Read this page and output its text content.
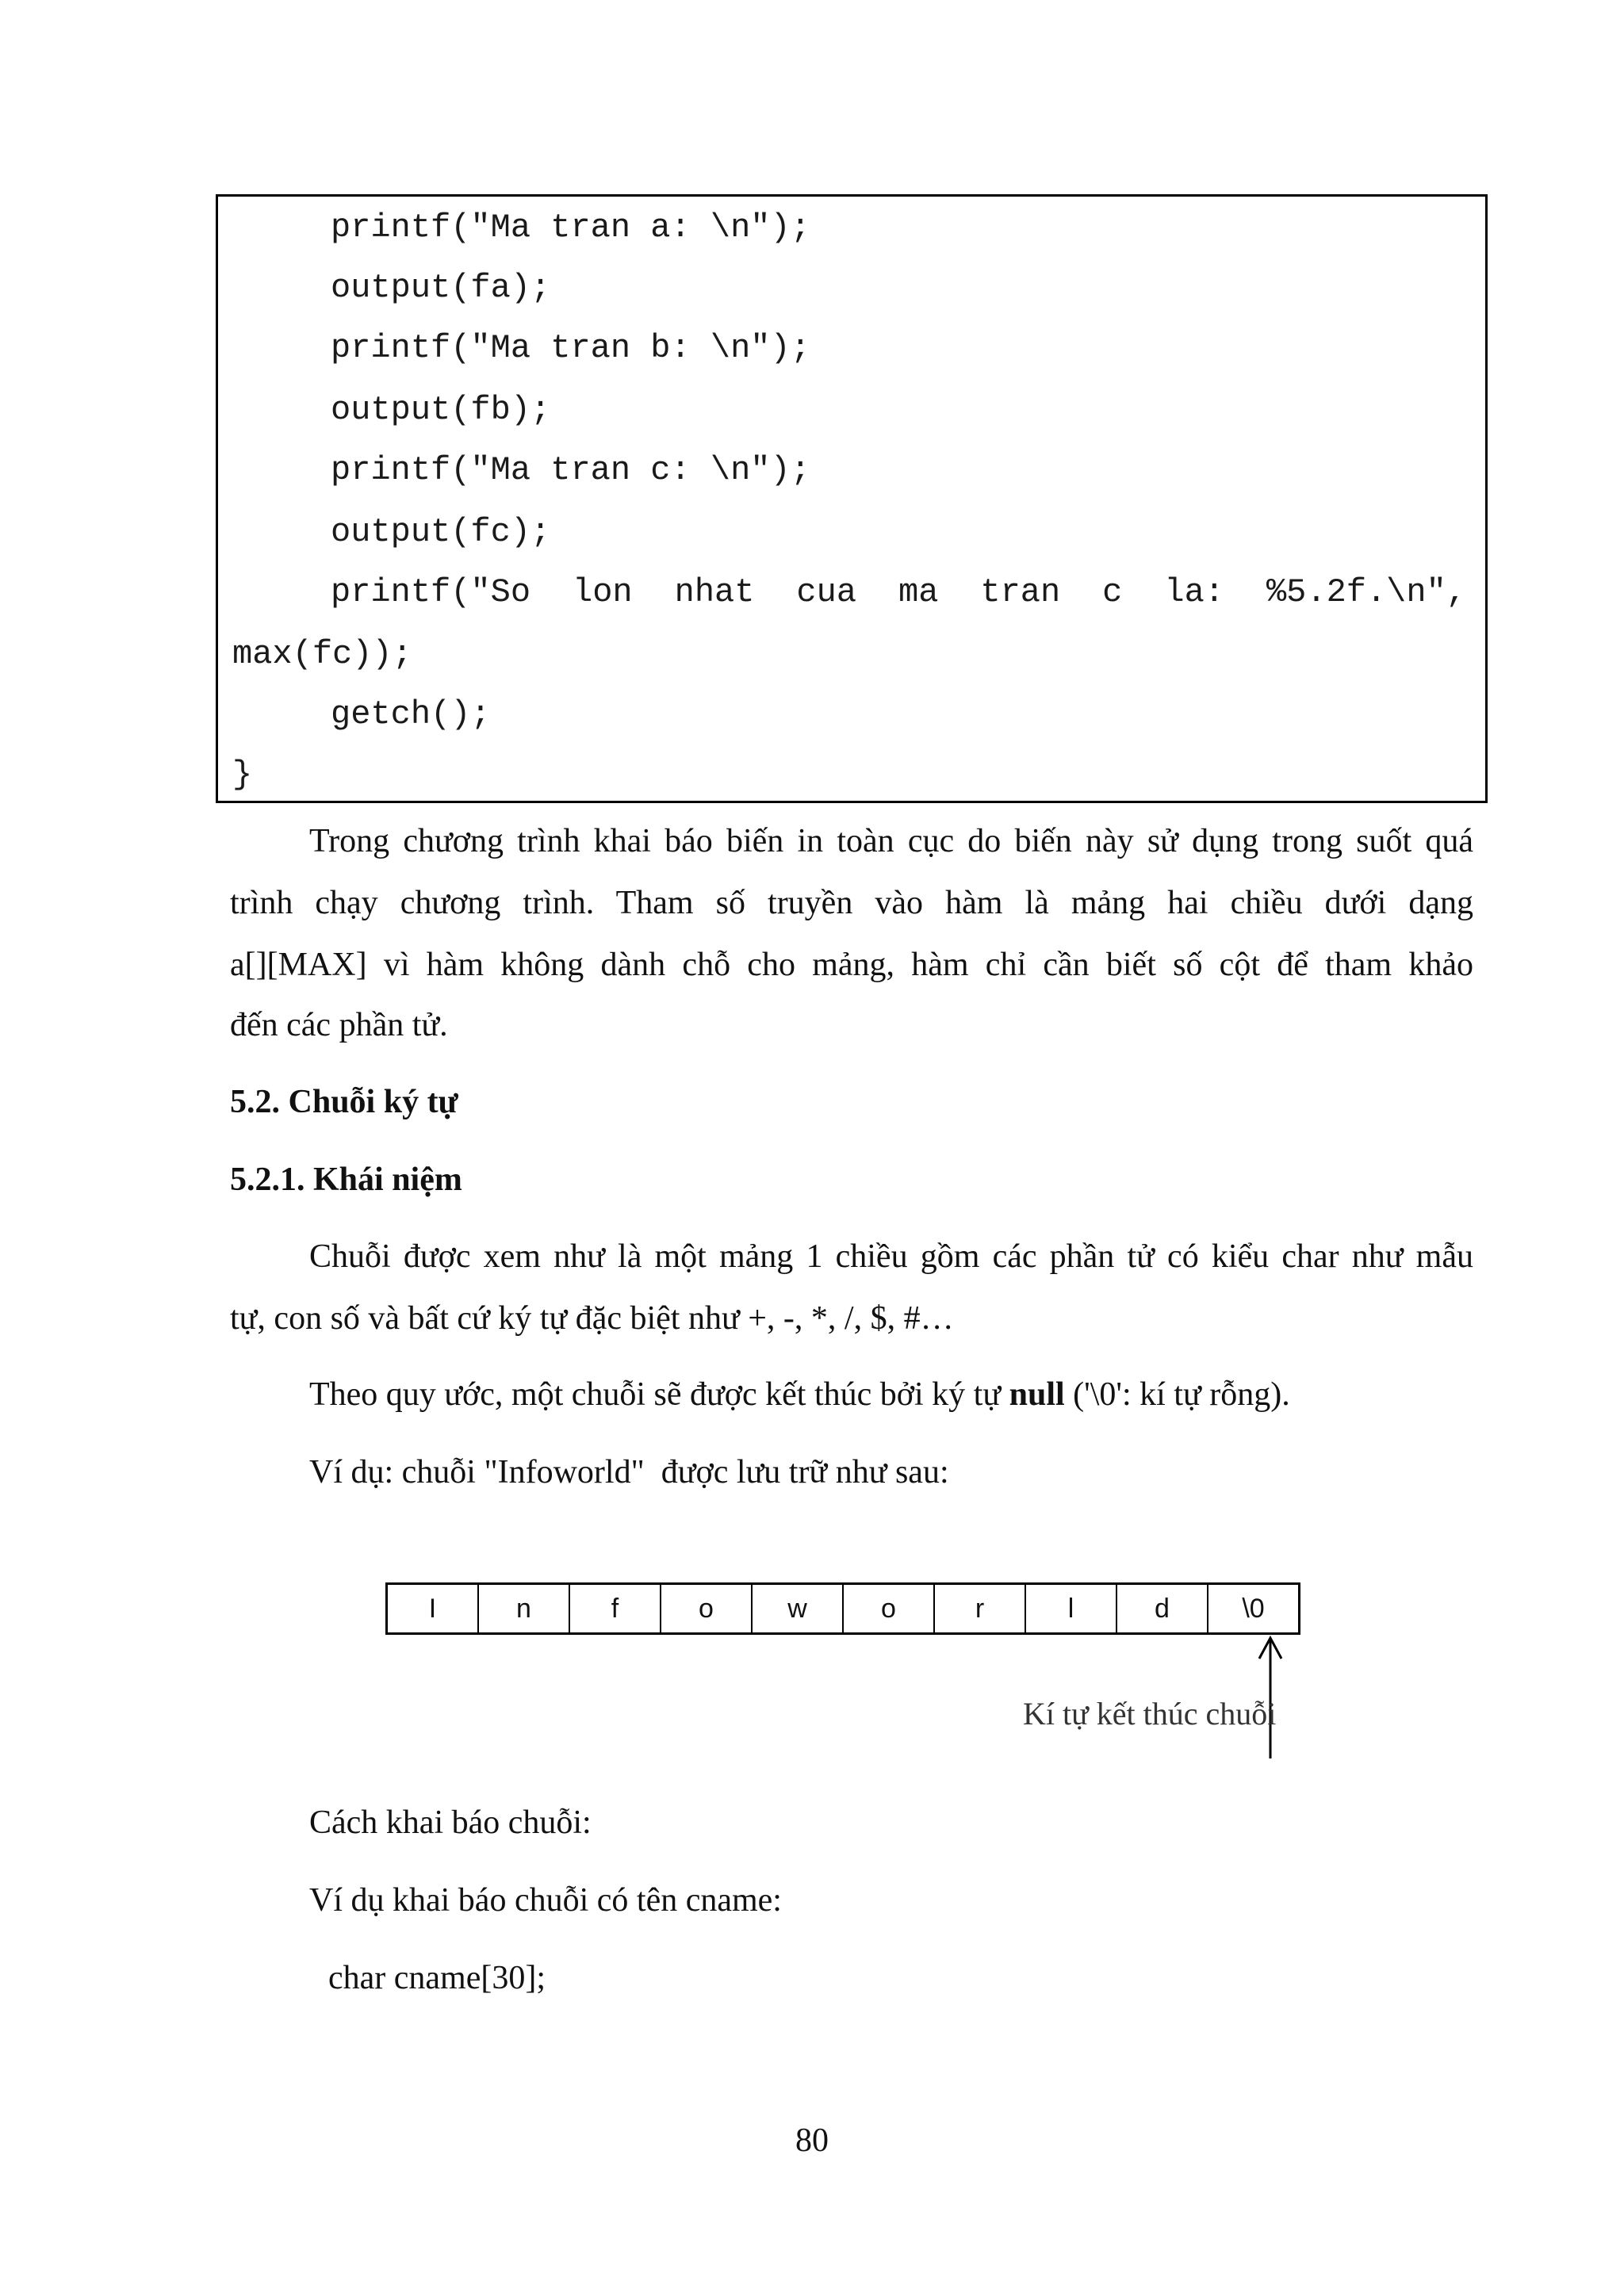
printf("Ma tran a: \n");
output(fa);
printf("Ma tran b: \n");
output(fb);
printf("Ma tran c: \n");
output(fc);
printf("So lon nhat cua ma tran c la: %5.2f.\n",
max(fc));
getch();
}
Trong chương trình khai báo biến in toàn cục do biến này sử dụng trong suốt quá
trình chạy chương trình. Tham số truyền vào hàm là mảng hai chiều dưới dạng
a[][MAX] vì hàm không dành chỗ cho mảng, hàm chỉ cần biết số cột để tham khảo
đến các phần tử.
5.2. Chuỗi ký tự
5.2.1. Khái niệm
Chuỗi được xem như là một mảng 1 chiều gồm các phần tử có kiểu char như mẫu
tự, con số và bất cứ ký tự đặc biệt như +, -, *, /, $, #…
Theo quy ước, một chuỗi sẽ được kết thúc bởi ký tự null ('\0': kí tự rỗng).
Ví dụ: chuỗi "Infoworld"  được lưu trữ như sau:
I	n	f	o	w	o	r	l	d	\0
Kí tự kết thúc chuỗi
Cách khai báo chuỗi:
Ví dụ khai báo chuỗi có tên cname:
char cname[30];
80
